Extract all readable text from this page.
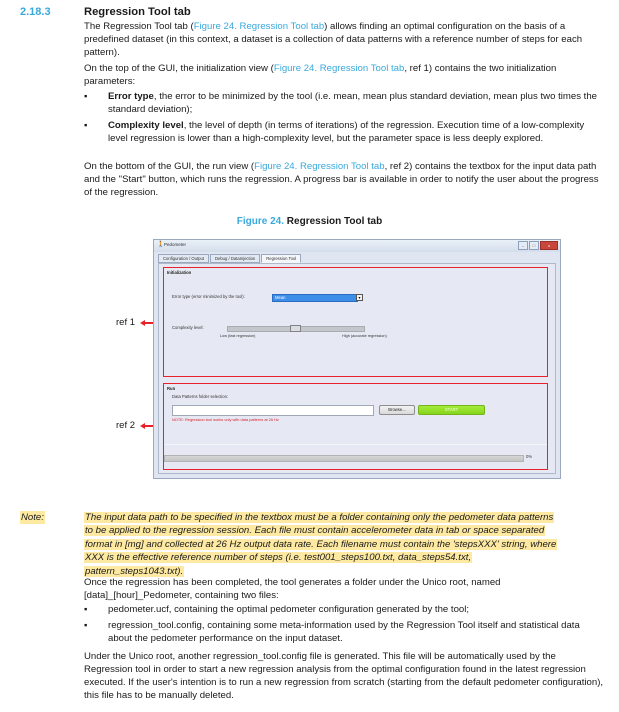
2.18.3	Regression Tool tab
The Regression Tool tab (Figure 24. Regression Tool tab) allows finding an optimal configuration on the basis of a predefined dataset (in this context, a dataset is a collection of data patterns with a reference number of steps for each pattern).
On the top of the GUI, the initialization view (Figure 24. Regression Tool tab, ref 1) contains the two initialization parameters:
▪ Error type, the error to be minimized by the tool (i.e. mean, mean plus standard deviation, mean plus two times the standard deviation);
▪ Complexity level, the level of depth (in terms of iterations) of the regression. Execution time of a low-complexity level regression is lower than a high-complexity level, but the parameter space is less deeply explored.
On the bottom of the GUI, the run view (Figure 24. Regression Tool tab, ref 2) contains the textbox for the input data path and the "Start" button, which runs the regression. A progress bar is available in order to notify the user about the progress of the regression.
Figure 24. Regression Tool tab
ref 1
ref 2
🚶 Pedometer	–	□	x
Configuration / Output	Debug / DataInjection	Regression Tool
Initialization
Error type (error minimized by the tool):	Mean	▾
Complexity level:
Low (fast regression)	High (accurate regression)
Run
Data Patterns folder selection:
Browse...	START
NOTE: Regression tool works only with data patterns at 26 Hz
0%
Note:	The input data path to be specified in the textbox must be a folder containing only the pedometer data patterns
to be applied to the regression session. Each file must contain accelerometer data in tab or space separated
format in [mg] and collected at 26 Hz output data rate. Each filename must contain the 'stepsXXX' string, where
XXX is the effective reference number of steps (i.e. test001_steps100.txt, data_steps54.txt,
pattern_steps1043.txt).
Once the regression has been completed, the tool generates a folder under the Unico root, named [data]_[hour]_Pedometer, containing two files:
▪ pedometer.ucf, containing the optimal pedometer configuration generated by the tool;
▪ regression_tool.config, containing some meta-information used by the Regression Tool itself and statistical data about the pedometer performance on the input dataset.
Under the Unico root, another regression_tool.config file is generated. This file will be automatically used by the Regression tool in order to start a new regression analysis from the optimal configuration found in the latest regression executed. If the user's intention is to run a new regression from scratch (starting from the default pedometer configuration), this file has to be manually deleted.
